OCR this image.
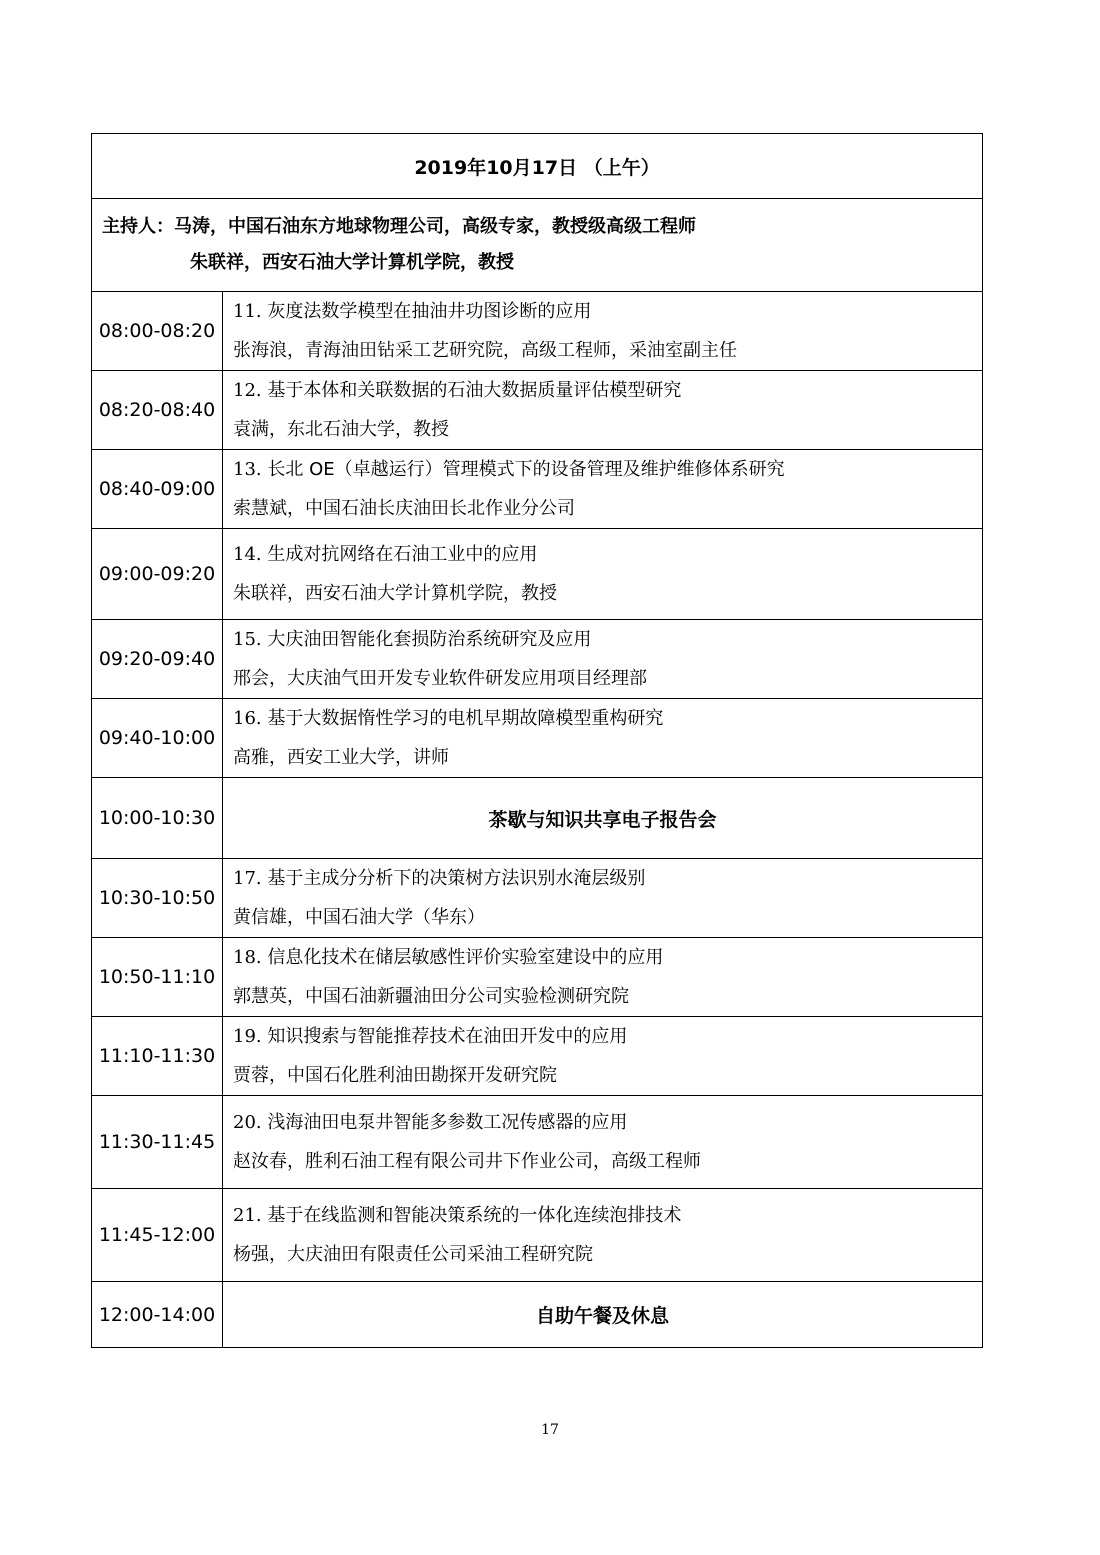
2019年10月17日 （上午）	

主持人：马涛，中国石油东方地球物理公司，高级专家，教授级高级工程师
朱联祥，西安石油大学计算机学院，教授	

08:00-08:20	11. 灰度法数学模型在抽油井功图诊断的应用
张海浪，青海油田钻采工艺研究院，高级工程师，采油室副主任

08:20-08:40	12. 基于本体和关联数据的石油大数据质量评估模型研究
袁满，东北石油大学，教授

08:40-09:00	13. 长北 OE（卓越运行）管理模式下的设备管理及维护维修体系研究
索慧斌，中国石油长庆油田长北作业分公司

09:00-09:20	14. 生成对抗网络在石油工业中的应用
朱联祥，西安石油大学计算机学院，教授

09:20-09:40	15. 大庆油田智能化套损防治系统研究及应用
邢会，大庆油气田开发专业软件研发应用项目经理部

09:40-10:00	16. 基于大数据惰性学习的电机早期故障模型重构研究
高雅，西安工业大学，讲师

10:00-10:30	茶歇与知识共享电子报告会
10:30-10:50	17. 基于主成分分析下的决策树方法识别水淹层级别
黄信雄，中国石油大学（华东）

10:50-11:10	18. 信息化技术在储层敏感性评价实验室建设中的应用
郭慧英，中国石油新疆油田分公司实验检测研究院

11:10-11:30	19. 知识搜索与智能推荐技术在油田开发中的应用
贾蓉，中国石化胜利油田勘探开发研究院

11:30-11:45	20. 浅海油田电泵井智能多参数工况传感器的应用
赵汝春，胜利石油工程有限公司井下作业公司，高级工程师

11:45-12:00	21. 基于在线监测和智能决策系统的一体化连续泡排技术
杨强，大庆油田有限责任公司采油工程研究院

12:00-14:00	自助午餐及休息
17
